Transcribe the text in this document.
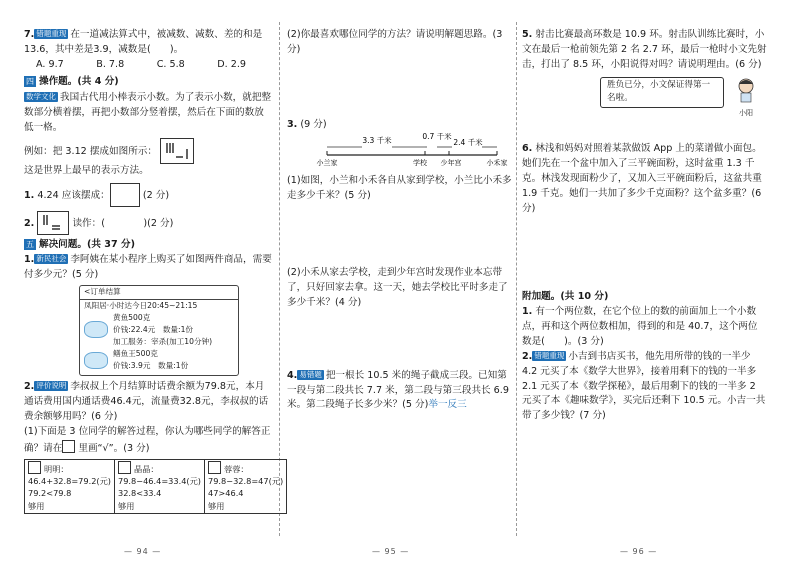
7. 错题重现 在一道减法算式中，被减数、减数、差的和是13.6，其中差是3.9，减数是(　　)。

A. 9.7	B. 7.8	C. 5.8	D. 2.9

四 操作题。(共 4 分)

数学文化 我国古代用小棒表示小数。为了表示小数，就把整数部分横着摆，再把小数部分竖着摆，然后在下面的数放低一格。

例如：把 3.12 摆成如图所示：

这是世界上最早的表示方法。

1. 4.24 应该摆成：	(2 分)

2.	读作：(　　　　)(2 分)

五 解决问题。(共 37 分)

1. 新民社会 李阿姨在某小程序上购买了如图两件商品，需要付多少元？(5 分)

<订单结算
凤阳居·小时达今日20:45~21:15
黄鱼500克
价钱:22.4元　 数量:1份
加工服务：宰杀(加工10分钟)
鳝鱼王500克
价钱:3.9元　 数量:1份

2. 评价说明 李叔叔上个月结算时话费余额为79.8元，本月通话费用国内通话费46.4元，流量费32.8元，李叔叔的话费余额够用吗？(6 分)

(1)下面是 3 位同学的解答过程，你认为哪些同学的解答正确？请在 里画“√”。(3 分)

明明：
46.4+32.8=79.2(元)
79.2<79.8
够用	晶晶：
79.8−46.4=33.4(元)
32.8<33.4
够用	蓉蓉：
79.8−32.8=47(元)
47>46.4
够用

(2)你最喜欢哪位同学的方法？请说明解题思路。(3 分)

3. (9 分)

3.3 千米	0.7 千米
2.4 千米
小兰家	学校 少年宫	小禾家

(1)如图，小兰和小禾各自从家到学校，小兰比小禾多走多少千米？(5 分)

(2)小禾从家去学校，走到少年宫时发现作业本忘带了，只好回家去拿。这一天，她去学校比平时多走了多少千米？(4 分)

4. 易错题 把一根长 10.5 米的绳子截成三段。已知第一段与第二段共长 7.7 米，第二段与第三段共长 6.9 米。第二段绳子长多少米？(5 分)举一反三

5. 射击比赛最高环数是 10.9 环。射击队训练比赛时，小文在最后一枪前领先第 2 名 2.7 环，最后一枪时小文先射击，打出了 8.5 环，小阳说得对吗？请说明理由。(6 分)

胜负已分，小文保证得第一名啦。
小阳

6. 林浅和妈妈对照着某款做饭 App 上的菜谱做小面包。她们先在一个盆中加入了三平碗面粉，这时盆重 1.3 千克。林浅发现面粉少了，又加入三平碗面粉后，这盆共重 1.9 千克。她们一共加了多少千克面粉？这个盆多重？(6 分)

附加题。(共 10 分)

1. 有一个两位数，在它个位上的数的前面加上一个小数点，再和这个两位数相加，得到的和是 40.7，这个两位数是(　　)。(3 分)

2. 错题重现 小吉到书店买书，他先用所带的钱的一半少 4.2 元买了本《数学大世界》，接着用剩下的钱的一半多 2.1 元买了本《数学探秘》，最后用剩下的钱的一半多 2 元买了本《趣味数学》，买完后还剩下 10.5 元。小吉一共带了多少钱？(7 分)

— 94 —	— 95 —	— 96 —
